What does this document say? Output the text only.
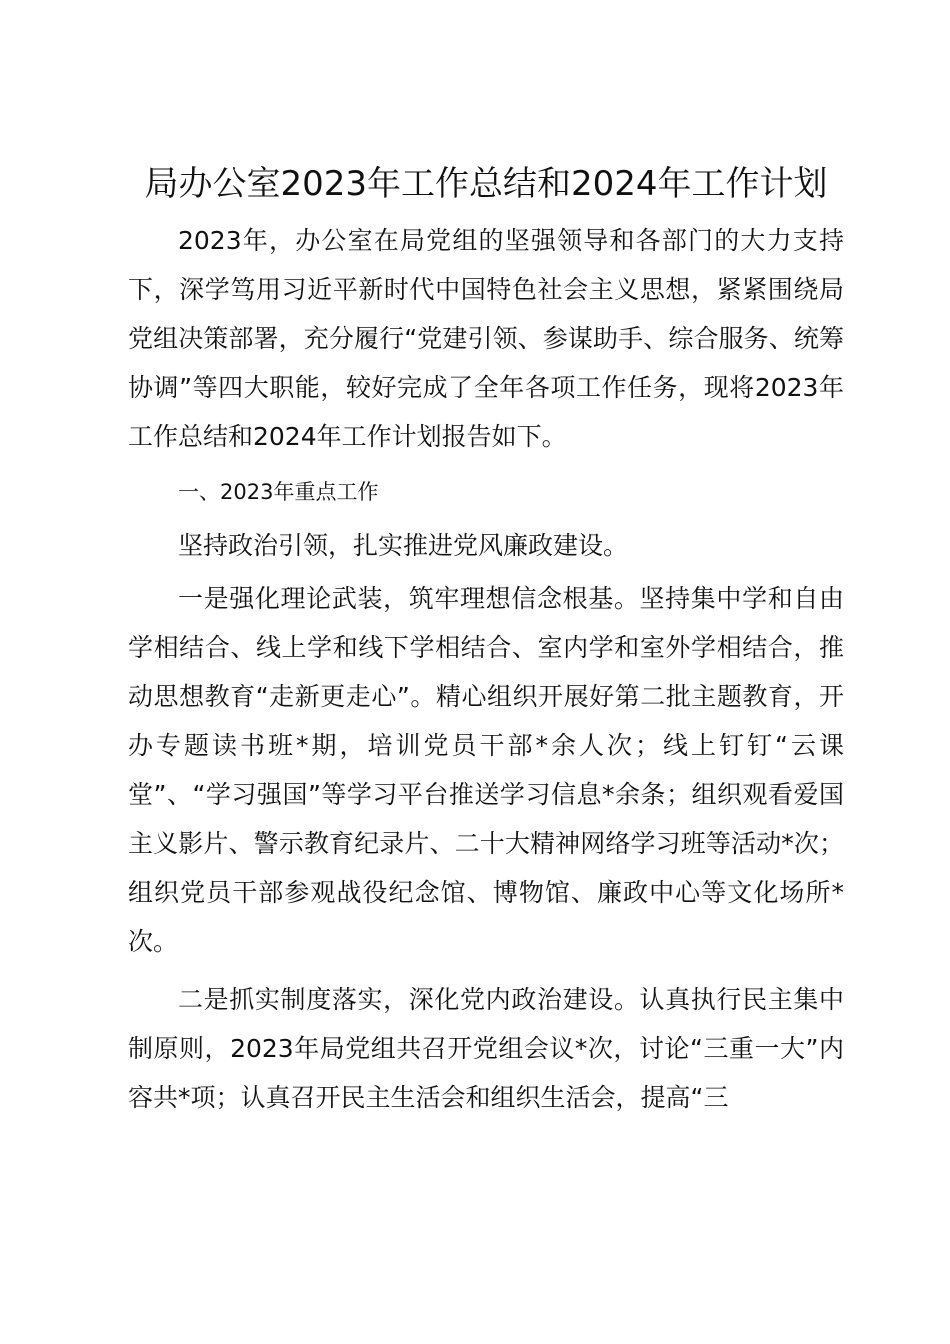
局办公室2023年工作总结和2024年工作计划

2023年，办公室在局党组的坚强领导和各部门的大力支持下，深学笃用习近平新时代中国特色社会主义思想，紧紧围绕局党组决策部署，充分履行“党建引领、参谋助手、综合服务、统筹协调”等四大职能，较好完成了全年各项工作任务，现将2023年工作总结和2024年工作计划报告如下。

一、2023年重点工作

坚持政治引领，扎实推进党风廉政建设。

一是强化理论武装，筑牢理想信念根基。坚持集中学和自由学相结合、线上学和线下学相结合、室内学和室外学相结合，推动思想教育“走新更走心”。精心组织开展好第二批主题教育，开办专题读书班*期，培训党员干部*余人次；线上钉钉“云课堂”、“学习强国”等学习平台推送学习信息*余条；组织观看爱国主义影片、警示教育纪录片、二十大精神网络学习班等活动*次；组织党员干部参观战役纪念馆、博物馆、廉政中心等文化场所*次。

二是抓实制度落实，深化党内政治建设。认真执行民主集中制原则，2023年局党组共召开党组会议*次，讨论“三重一大”内容共*项；认真召开民主生活会和组织生活会，提高“三
